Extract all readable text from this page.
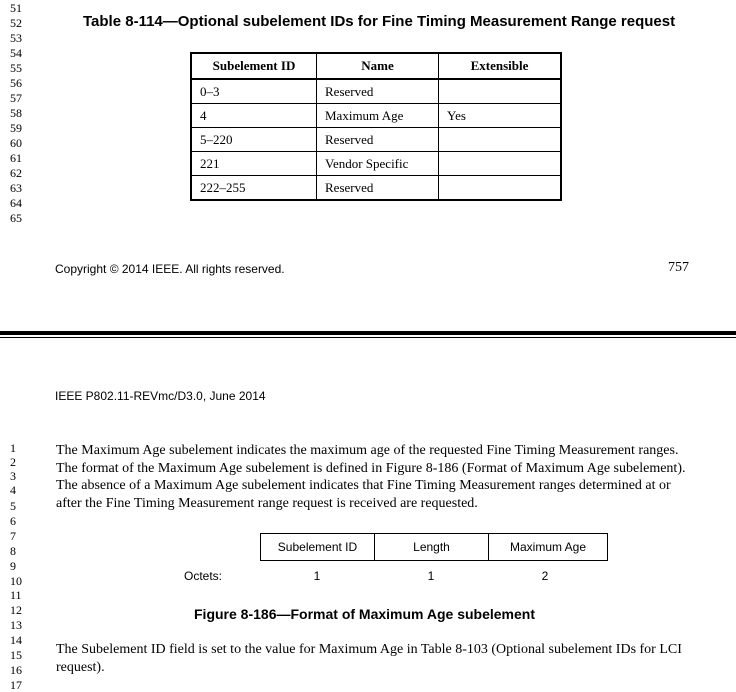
51
52
53
54
55
56
57
58
59
60
61
62
63
64
65
Table 8-114—Optional subelement IDs for Fine Timing Measurement Range request
Subelement ID	Name	Extensible
0–3	Reserved	
4	Maximum Age	Yes
5–220	Reserved	
221	Vendor Specific	
222–255	Reserved	
Copyright © 2014 IEEE. All rights reserved.	757
IEEE P802.11-REVmc/D3.0, June 2014
1
2
3
4
5
6
7
8
9
10
11
12
13
14
15
16
17
The Maximum Age subelement indicates the maximum age of the requested Fine Timing Measurement ranges. The format of the Maximum Age subelement is defined in Figure 8-186 (Format of Maximum Age subelement). The absence of a Maximum Age subelement indicates that Fine Timing Measurement ranges determined at or after the Fine Timing Measurement range request is received are requested.
Subelement ID	Length	Maximum Age
Octets:	1	1	2
Figure 8-186—Format of Maximum Age subelement
The Subelement ID field is set to the value for Maximum Age in Table 8-103 (Optional subelement IDs for LCI request).
